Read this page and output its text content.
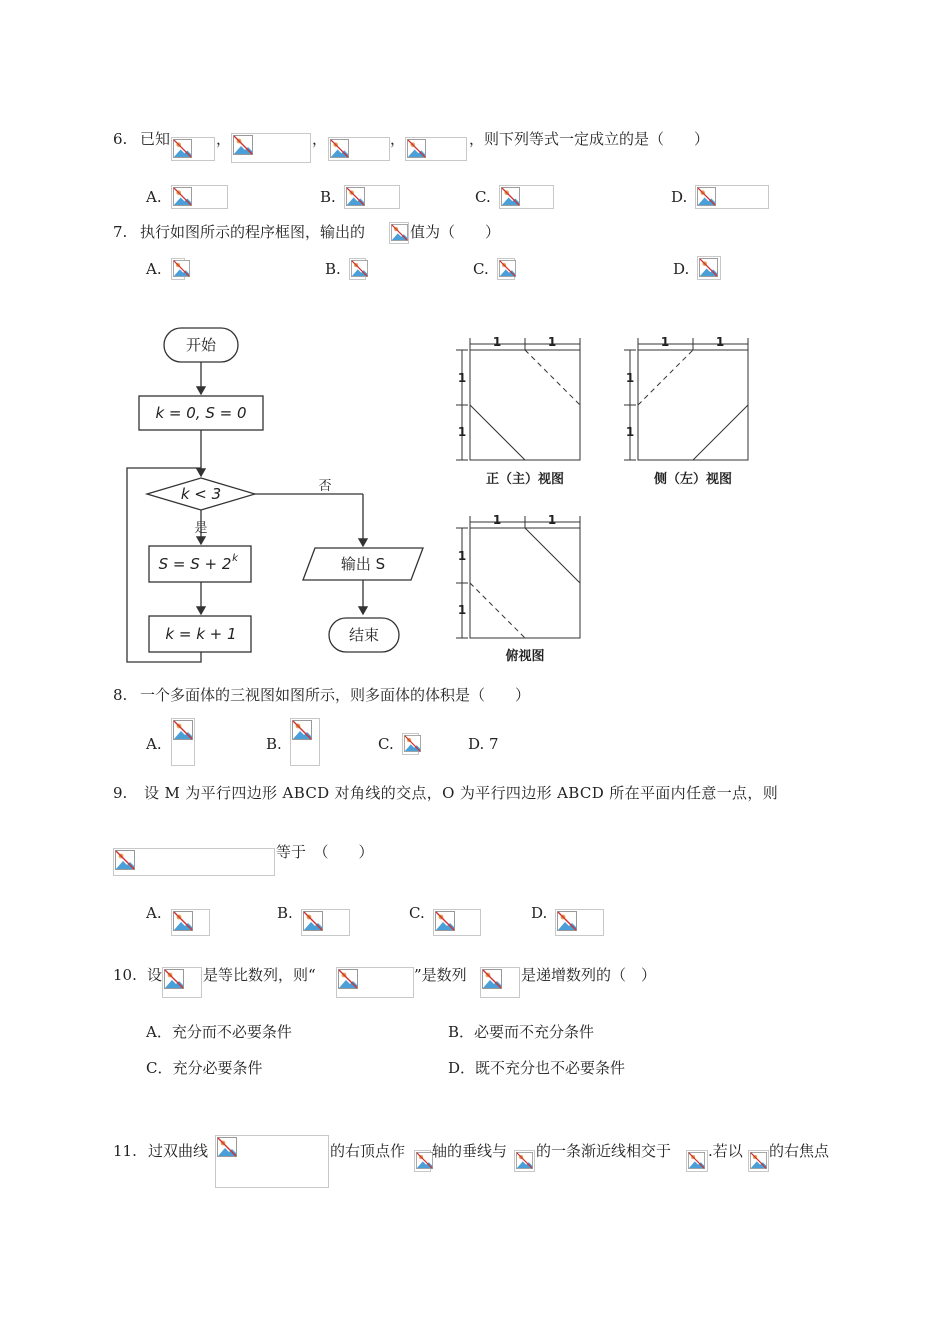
6. 已知	，	，	，	，则下列等式一定成立的是（　　）
A.	B.	C.	D.
7. 执行如图所示的程序框图，输出的	值为（　　）
A.	B.	C.	D.
开始
k = 0, S = 0
k < 3
是
否
S = S + 2 k
k = k + 1
输出 S
结束
1	1
1
1
正（主）视图
1	1
1
1
侧（左）视图
1	1
1
1
俯视图
8. 一个多面体的三视图如图所示，则多面体的体积是（　　）
A.	B.	C.	D. 7
9. 设 M 为平行四边形 ABCD 对角线的交点，O 为平行四边形 ABCD 所在平面内任意一点，则
等于　（　　）
A.	B.	C.	D.
10. 设	是等比数列，则“	”是数列	是递增数列的（　）
A．充分而不必要条件	B．必要而不充分条件
C．充分必要条件	D．既不充分也不必要条件
11. 过双曲线	的右顶点作 轴的垂线与 的一条渐近线相交于 .若以 的右焦点
